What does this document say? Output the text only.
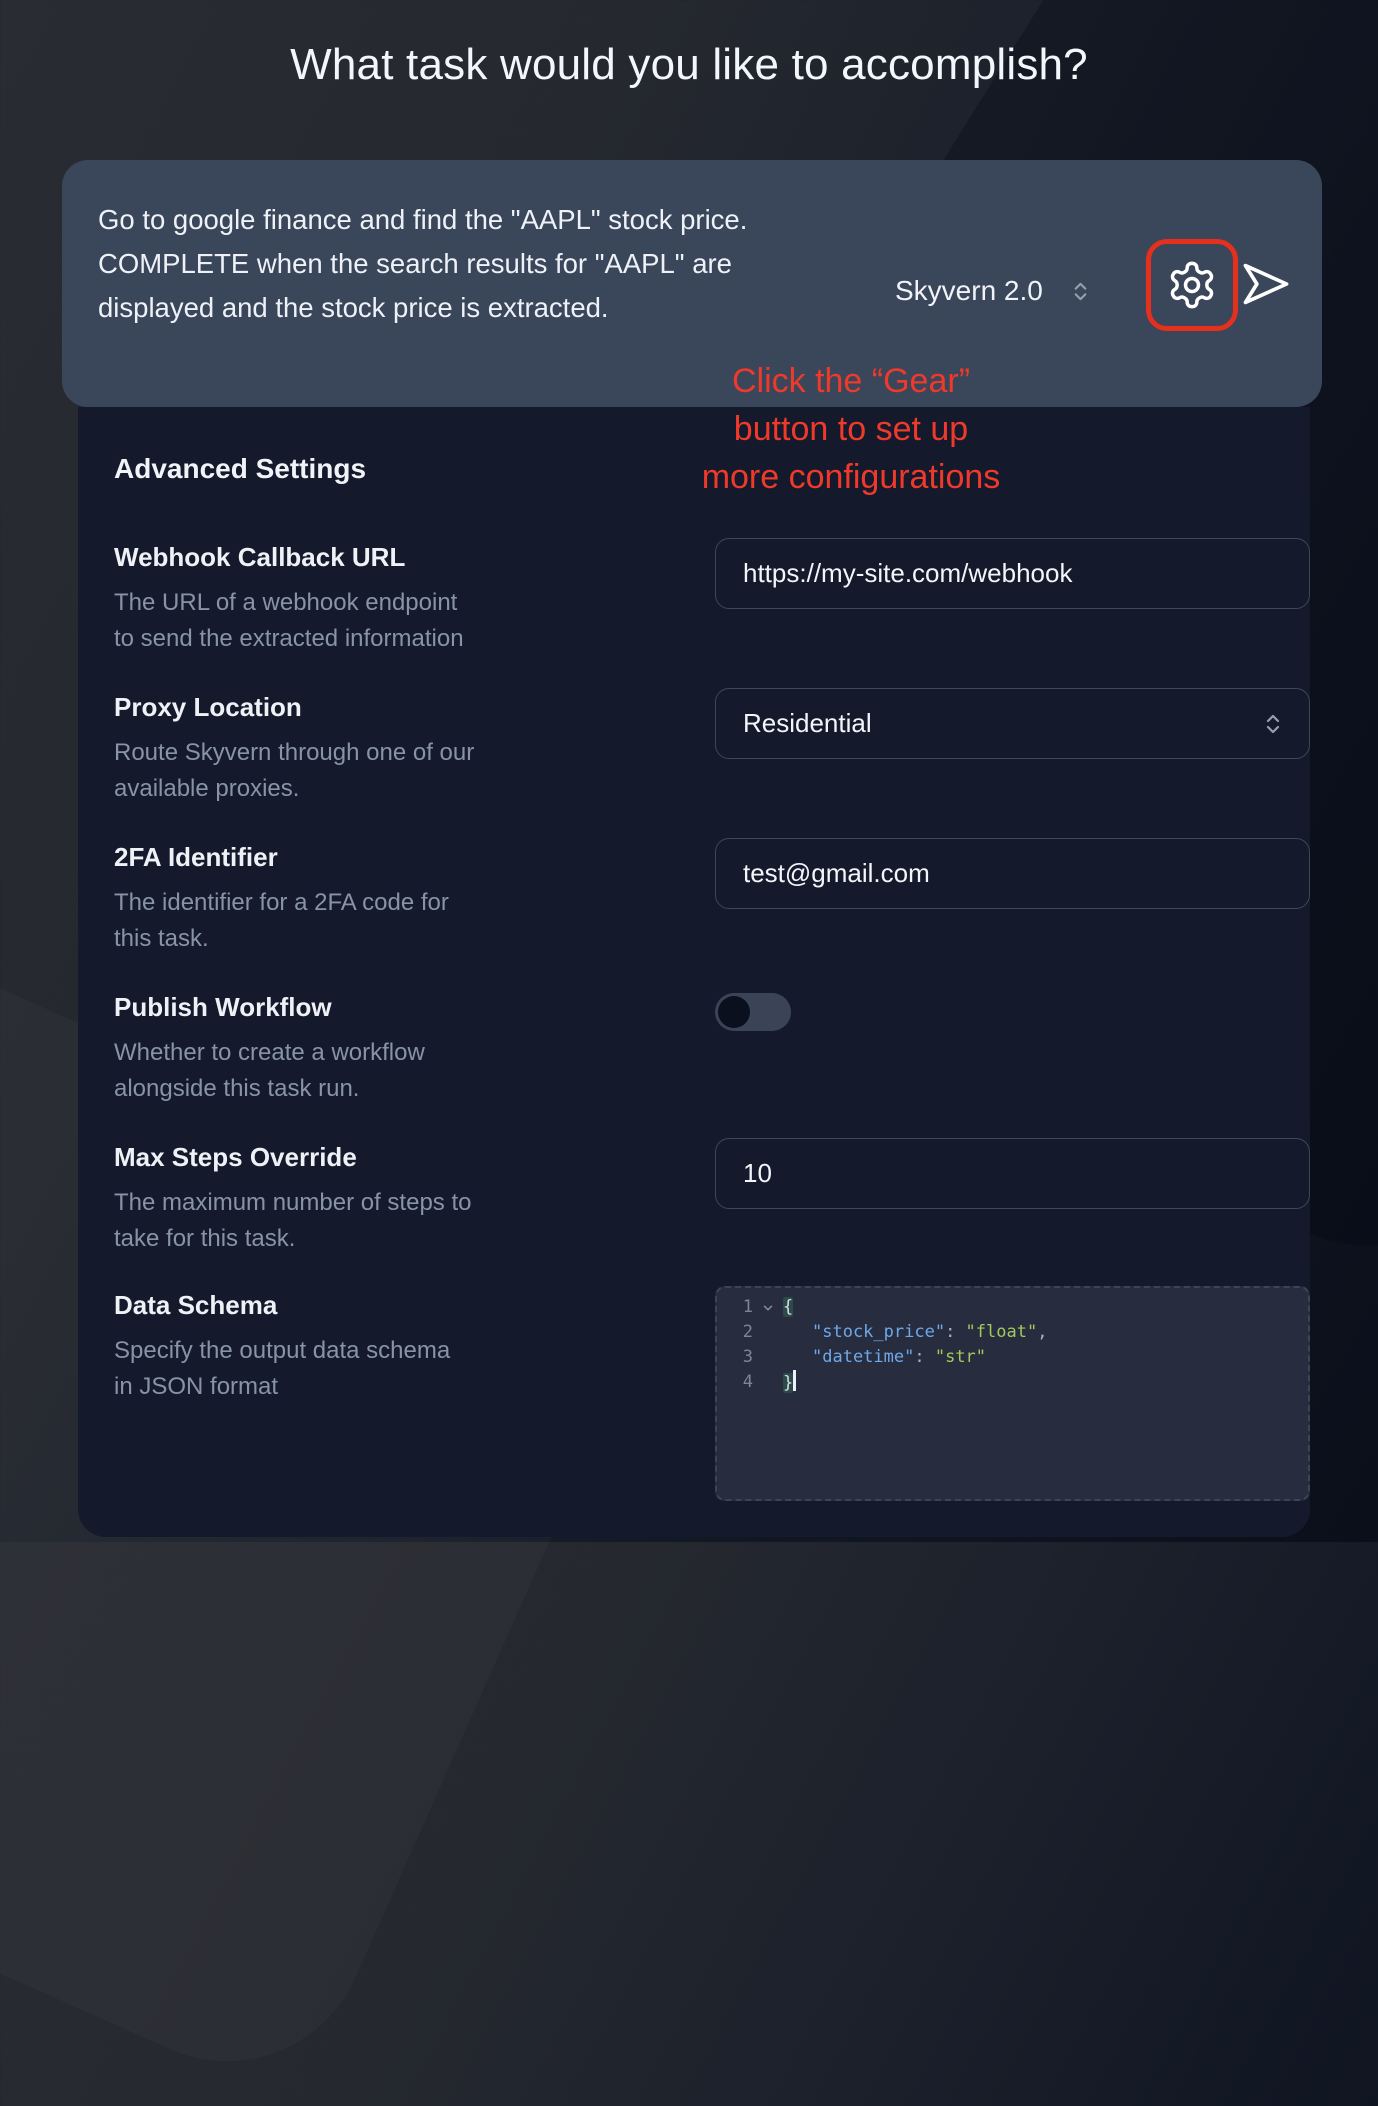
What task would you like to accomplish?
Go to google finance and find the "AAPL" stock price. COMPLETE when the search results for "AAPL" are displayed and the stock price is extracted.
Skyvern 2.0
Click the “Gear”
button to set up
more configurations
Advanced Settings
Webhook Callback URL
The URL of a webhook endpoint
to send the extracted information
https://my-site.com/webhook
Proxy Location
Route Skyvern through one of our
available proxies.
Residential
2FA Identifier
The identifier for a 2FA code for
this task.
test@gmail.com
Publish Workflow
Whether to create a workflow
alongside this task run.
Max Steps Override
The maximum number of steps to
take for this task.
10
Data Schema
Specify the output data schema
in JSON format
1 {
2	"stock_price": "float",
3	"datetime": "str"
4 }
